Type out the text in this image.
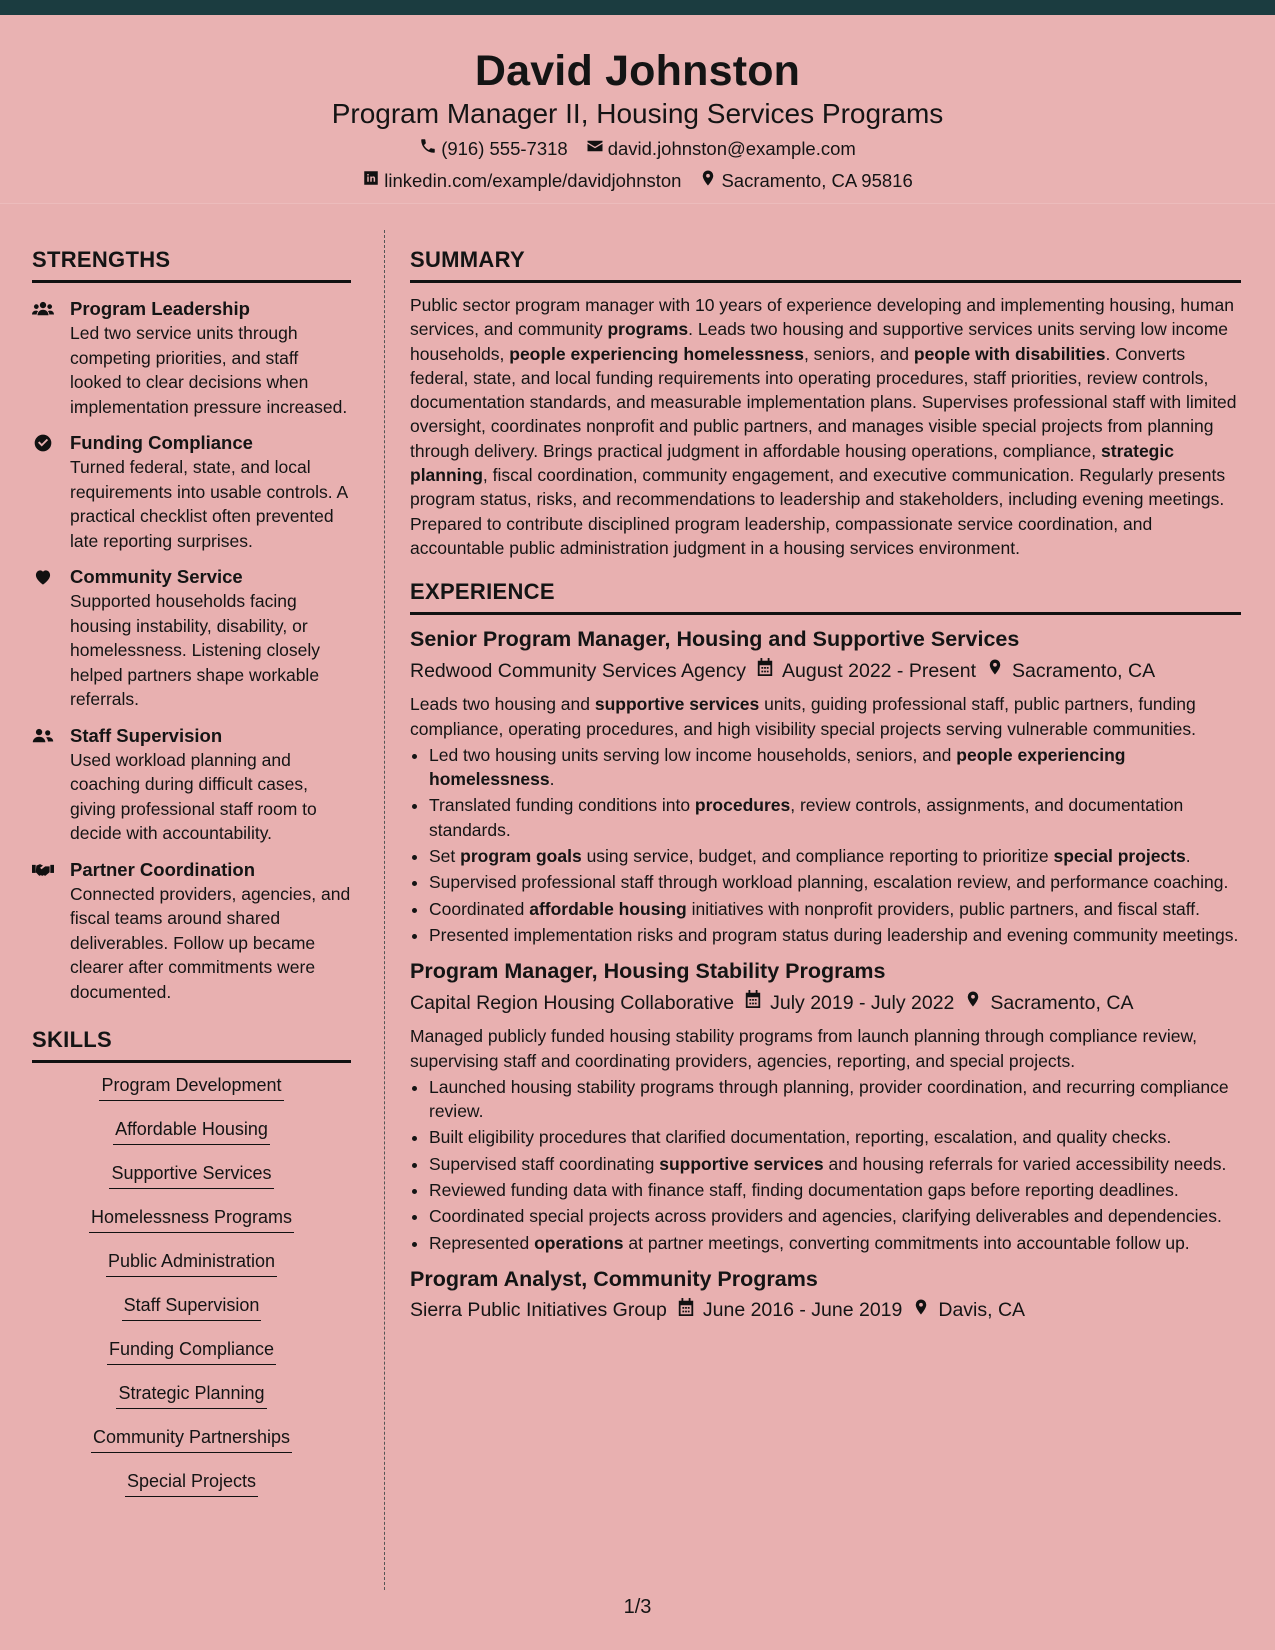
David Johnston
Program Manager II, Housing Services Programs
(916) 555-7318 david.johnston@example.com
linkedin.com/example/davidjohnston Sacramento, CA 95816
STRENGTHS
Program Leadership
Led two service units through competing priorities, and staff looked to clear decisions when implementation pressure increased.
Funding Compliance
Turned federal, state, and local requirements into usable controls. A practical checklist often prevented late reporting surprises.
Community Service
Supported households facing housing instability, disability, or homelessness. Listening closely helped partners shape workable referrals.
Staff Supervision
Used workload planning and coaching during difficult cases, giving professional staff room to decide with accountability.
Partner Coordination
Connected providers, agencies, and fiscal teams around shared deliverables. Follow up became clearer after commitments were documented.
SKILLS
Program Development
Affordable Housing
Supportive Services
Homelessness Programs
Public Administration
Staff Supervision
Funding Compliance
Strategic Planning
Community Partnerships
Special Projects
SUMMARY
Public sector program manager with 10 years of experience developing and implementing housing, human services, and community programs. Leads two housing and supportive services units serving low income households, people experiencing homelessness, seniors, and people with disabilities. Converts federal, state, and local funding requirements into operating procedures, staff priorities, review controls, documentation standards, and measurable implementation plans. Supervises professional staff with limited oversight, coordinates nonprofit and public partners, and manages visible special projects from planning through delivery. Brings practical judgment in affordable housing operations, compliance, strategic planning, fiscal coordination, community engagement, and executive communication. Regularly presents program status, risks, and recommendations to leadership and stakeholders, including evening meetings. Prepared to contribute disciplined program leadership, compassionate service coordination, and accountable public administration judgment in a housing services environment.
EXPERIENCE
Senior Program Manager, Housing and Supportive Services
Redwood Community Services Agency August 2022 - Present Sacramento, CA
Leads two housing and supportive services units, guiding professional staff, public partners, funding compliance, operating procedures, and high visibility special projects serving vulnerable communities.
• Led two housing units serving low income households, seniors, and people experiencing homelessness.
• Translated funding conditions into procedures, review controls, assignments, and documentation standards.
• Set program goals using service, budget, and compliance reporting to prioritize special projects.
• Supervised professional staff through workload planning, escalation review, and performance coaching.
• Coordinated affordable housing initiatives with nonprofit providers, public partners, and fiscal staff.
• Presented implementation risks and program status during leadership and evening community meetings.
Program Manager, Housing Stability Programs
Capital Region Housing Collaborative July 2019 - July 2022 Sacramento, CA
Managed publicly funded housing stability programs from launch planning through compliance review, supervising staff and coordinating providers, agencies, reporting, and special projects.
• Launched housing stability programs through planning, provider coordination, and recurring compliance review.
• Built eligibility procedures that clarified documentation, reporting, escalation, and quality checks.
• Supervised staff coordinating supportive services and housing referrals for varied accessibility needs.
• Reviewed funding data with finance staff, finding documentation gaps before reporting deadlines.
• Coordinated special projects across providers and agencies, clarifying deliverables and dependencies.
• Represented operations at partner meetings, converting commitments into accountable follow up.
Program Analyst, Community Programs
Sierra Public Initiatives Group June 2016 - June 2019 Davis, CA
1/3
